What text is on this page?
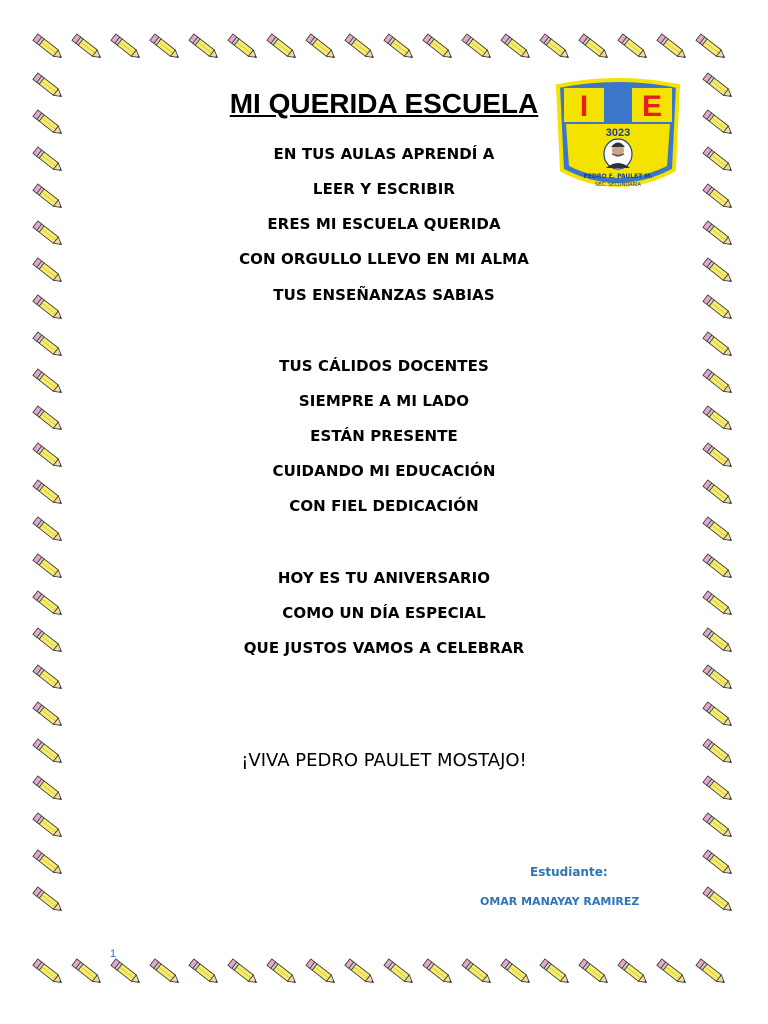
MI QUERIDA ESCUELA
EN TUS AULAS APRENDÍ A
LEER Y ESCRIBIR
ERES MI ESCUELA QUERIDA
CON ORGULLO LLEVO EN MI ALMA
TUS ENSEÑANZAS SABIAS
TUS CÁLIDOS DOCENTES
SIEMPRE A MI LADO
ESTÁN PRESENTE
CUIDANDO MI EDUCACIÓN
CON FIEL DEDICACIÓN
HOY ES TU ANIVERSARIO
COMO UN DÍA ESPECIAL
QUE JUSTOS VAMOS A CELEBRAR
¡VIVA PEDRO PAULET MOSTAJO!
Estudiante:
OMAR MANAYAY RAMIREZ
1
I E
3023
PEDRO E. PAULET M.
SEC. SECUNDARIA
